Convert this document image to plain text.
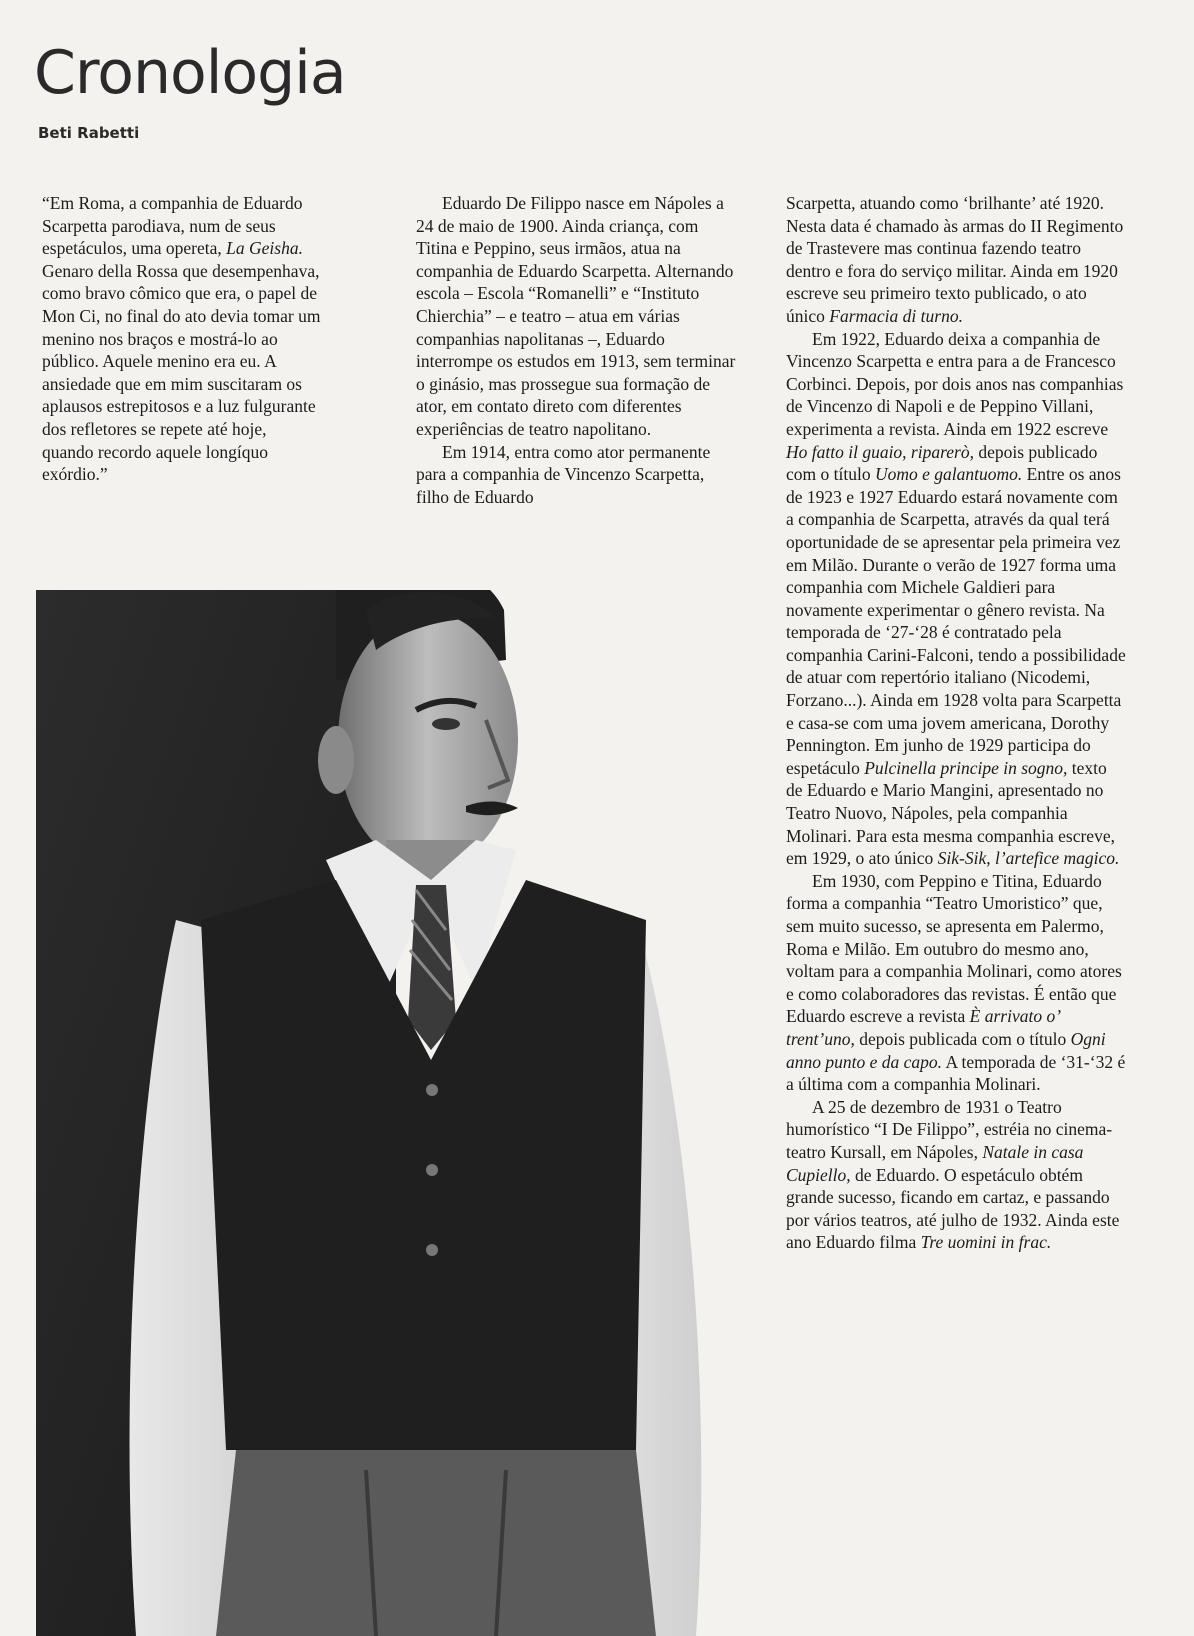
Cronologia
Beti Rabetti

“Em Roma, a companhia de Eduardo Scarpetta parodiava, num de seus espetáculos, uma opereta, La Geisha. Genaro della Rossa que desempenhava, como bravo cômico que era, o papel de Mon Ci, no final do ato devia tomar um menino nos braços e mostrá-lo ao público. Aquele menino era eu. A ansiedade que em mim suscitaram os aplausos estrepitosos e a luz fulgurante dos refletores se repete até hoje, quando recordo aquele longíquo exórdio.”

Eduardo De Filippo nasce em Nápoles a 24 de maio de 1900. Ainda criança, com Titina e Peppino, seus irmãos, atua na companhia de Eduardo Scarpetta. Alternando escola – Escola “Romanelli” e “Instituto Chierchia” – e teatro – atua em várias companhias napolitanas –, Eduardo interrompe os estudos em 1913, sem terminar o ginásio, mas prossegue sua formação de ator, em contato direto com diferentes experiências de teatro napolitano.

Em 1914, entra como ator permanente para a companhia de Vincenzo Scarpetta, filho de Eduardo

Scarpetta, atuando como ‘brilhante’ até 1920. Nesta data é chamado às armas do II Regimento de Trastevere mas continua fazendo teatro dentro e fora do serviço militar. Ainda em 1920 escreve seu primeiro texto publicado, o ato único Farmacia di turno.

Em 1922, Eduardo deixa a companhia de Vincenzo Scarpetta e entra para a de Francesco Corbinci. Depois, por dois anos nas companhias de Vincenzo di Napoli e de Peppino Villani, experimenta a revista. Ainda em 1922 escreve Ho fatto il guaio, riparerò, depois publicado com o título Uomo e galantuomo. Entre os anos de 1923 e 1927 Eduardo estará novamente com a companhia de Scarpetta, através da qual terá oportunidade de se apresentar pela primeira vez em Milão. Durante o verão de 1927 forma uma companhia com Michele Galdieri para novamente experimentar o gênero revista. Na temporada de ‘27-‘28 é contratado pela companhia Carini-Falconi, tendo a possibilidade de atuar com repertório italiano (Nicodemi, Forzano...). Ainda em 1928 volta para Scarpetta e casa-se com uma jovem americana, Dorothy Pennington. Em junho de 1929 participa do espetáculo Pulcinella principe in sogno, texto de Eduardo e Mario Mangini, apresentado no Teatro Nuovo, Nápoles, pela companhia Molinari. Para esta mesma companhia escreve, em 1929, o ato único Sik-Sik, l’artefice magico.

Em 1930, com Peppino e Titina, Eduardo forma a companhia “Teatro Umoristico” que, sem muito sucesso, se apresenta em Palermo, Roma e Milão. Em outubro do mesmo ano, voltam para a companhia Molinari, como atores e como colaboradores das revistas. É então que Eduardo escreve a revista È arrivato o’ trent’uno, depois publicada com o título Ogni anno punto e da capo. A temporada de ‘31-‘32 é a última com a companhia Molinari.

A 25 de dezembro de 1931 o Teatro humorístico “I De Filippo”, estréia no cinema-teatro Kursall, em Nápoles, Natale in casa Cupiello, de Eduardo. O espetáculo obtém grande sucesso, ficando em cartaz, e passando por vários teatros, até julho de 1932. Ainda este ano Eduardo filma Tre uomini in frac.
